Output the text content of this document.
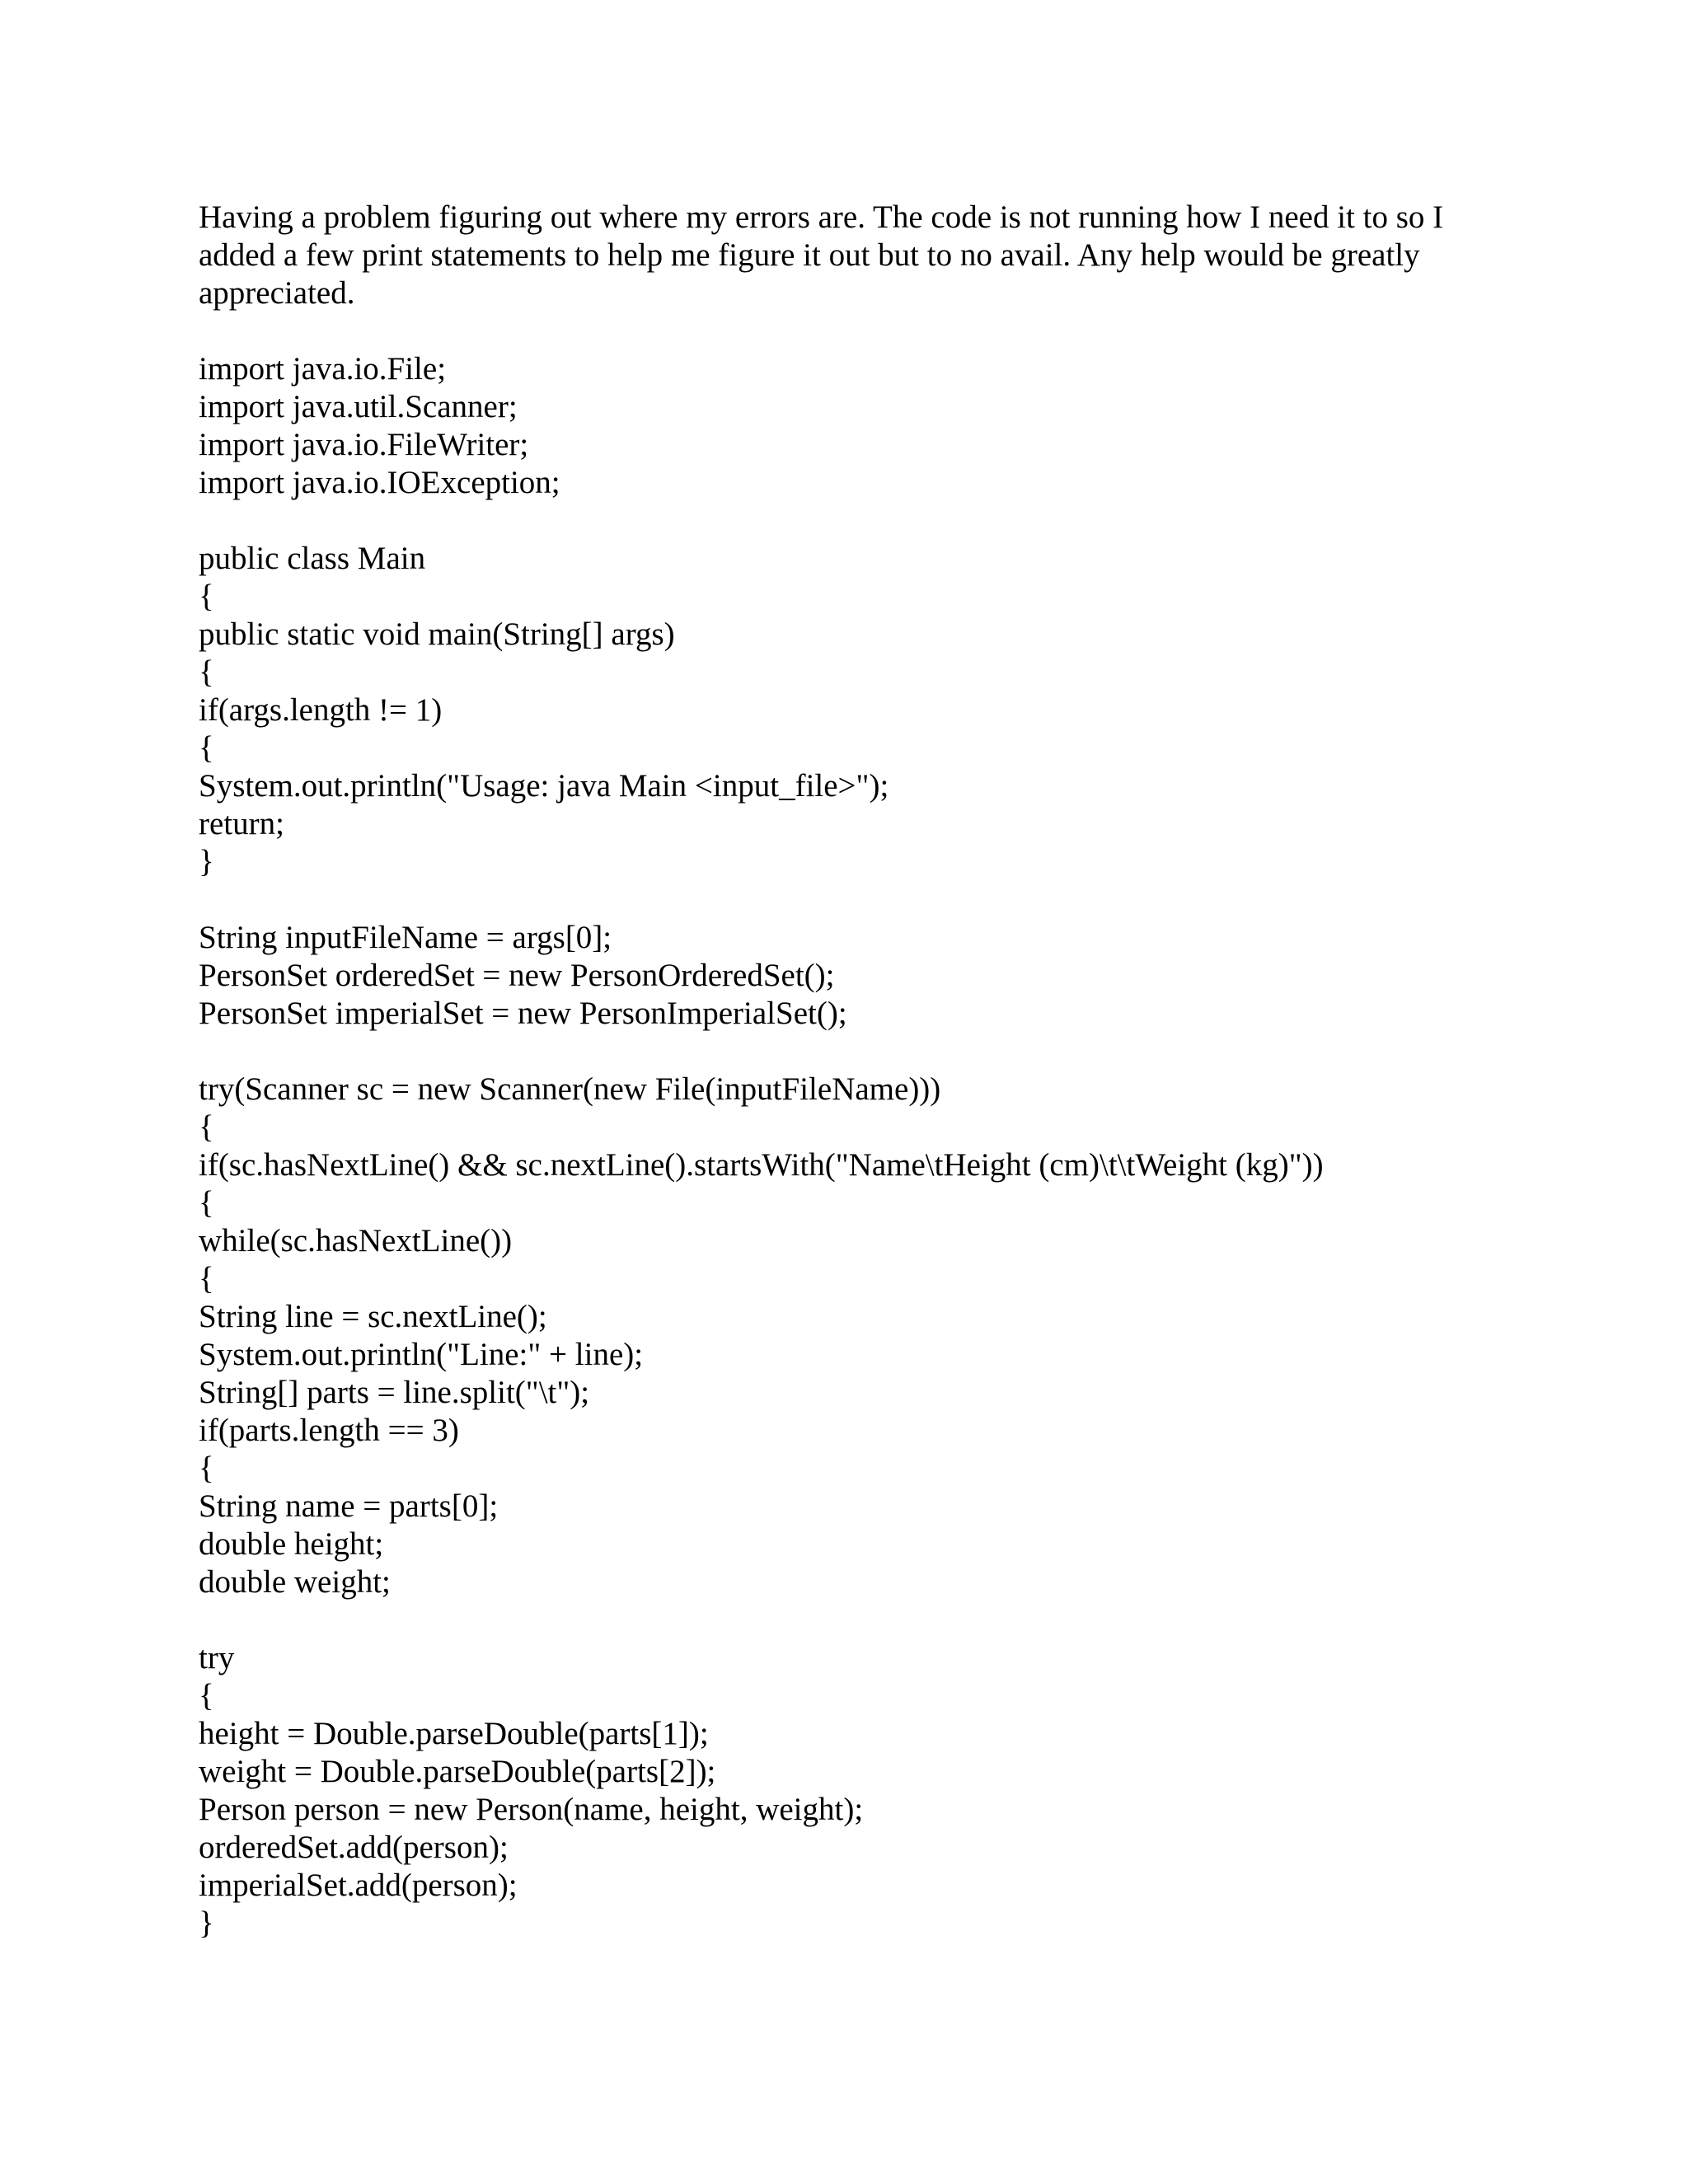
Having a problem figuring out where my errors are. The code is not running how I need it to so I added a few print statements to help me figure it out but to no avail. Any help would be greatly appreciated.

import java.io.File;
import java.util.Scanner;
import java.io.FileWriter;
import java.io.IOException;
public class Main
{
public static void main(String[] args)
{
if(args.length != 1)
{
System.out.println("Usage: java Main <input_file>");
return;
}
String inputFileName = args[0];
PersonSet orderedSet = new PersonOrderedSet();
PersonSet imperialSet = new PersonImperialSet();
try(Scanner sc = new Scanner(new File(inputFileName)))
{
if(sc.hasNextLine() && sc.nextLine().startsWith("Name\tHeight (cm)\t\tWeight (kg)"))
{
while(sc.hasNextLine())
{
String line = sc.nextLine();
System.out.println("Line:" + line);
String[] parts = line.split("\t");
if(parts.length == 3)
{
String name = parts[0];
double height;
double weight;
try
{
height = Double.parseDouble(parts[1]);
weight = Double.parseDouble(parts[2]);
Person person = new Person(name, height, weight);
orderedSet.add(person);
imperialSet.add(person);
}
